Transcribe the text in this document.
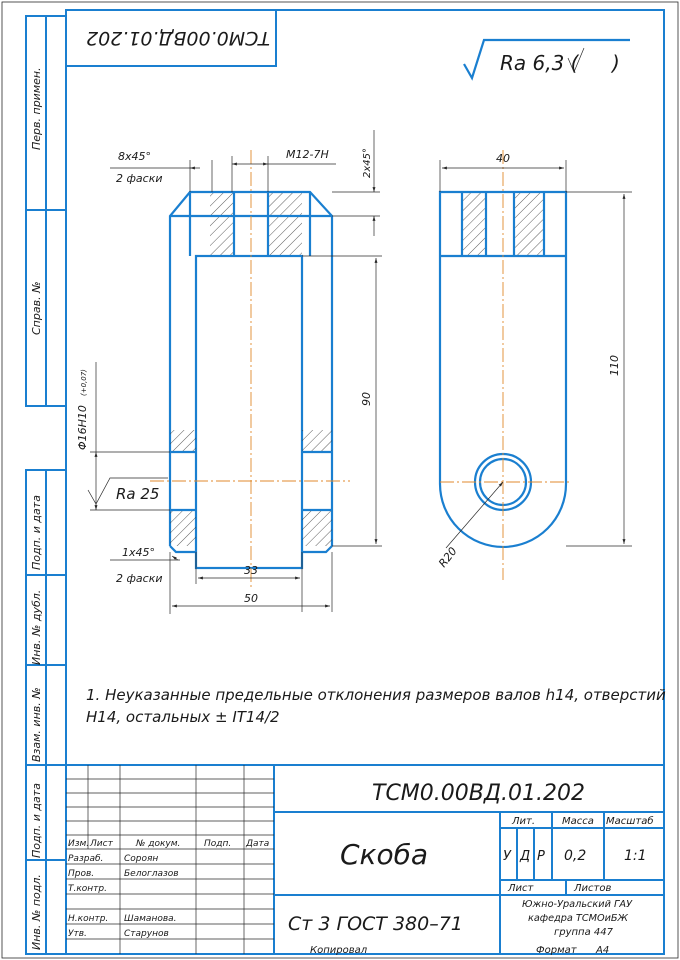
Перв. примен.
Справ. №
Подп. и дата
Инв. № дубл.
Взам. инв. №
Подп. и дата
Инв. № подл.
ТСМ0.00ВД.01.202
Ra 6,3 ( )
8х45°
2 фаски
М12-7Н	2х45°
90
Φ16H10
(+0,07)
Ra 25
1х45°
2 фаски
33
50
40
110
R20
1. Неуказанные предельные отклонения размеров валов h14, отверстий
Н14, остальных ± IT14/2
Изм. Лист	№ докум.	Подп. Дата
Разраб. Сороян
Пров.	Белоглазов
Т.контр.
Н.контр. Шаманова.
Утв.	Старунов
ТСМ0.00ВД.01.202
Скоба
Ст 3 ГОСТ 380–71
Лит.	Масса Масштаб
У Д Р 0,2	1:1
Лист	Листов
Южно-Уральский ГАУ
кафедра ТСМОиБЖ
группа 447
Копировал	Формат А4
